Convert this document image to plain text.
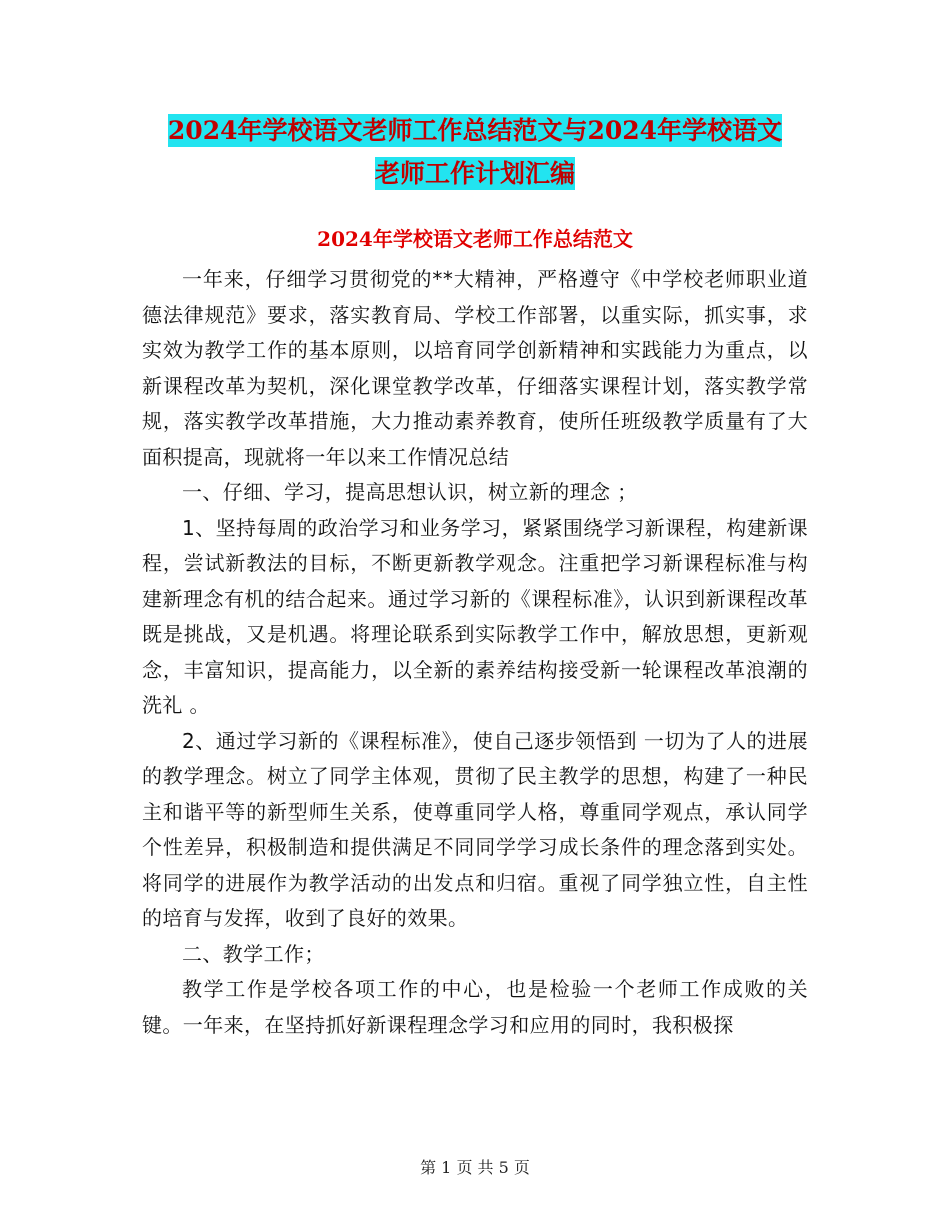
2024年学校语文老师工作总结范文与2024年学校语文
老师工作计划汇编
2024年学校语文老师工作总结范文

一年来，仔细学习贯彻党的**大精神，严格遵守《中学校老师职业道德法律规范》要求，落实教育局、学校工作部署，以重实际，抓实事，求实效为教学工作的基本原则，以培育同学创新精神和实践能力为重点，以新课程改革为契机，深化课堂教学改革，仔细落实课程计划，落实教学常规，落实教学改革措施，大力推动素养教育，使所任班级教学质量有了大面积提高，现就将一年以来工作情况总结

一、仔细、学习，提高思想认识，树立新的理念 ；

1、坚持每周的政治学习和业务学习，紧紧围绕学习新课程，构建新课程，尝试新教法的目标，不断更新教学观念。注重把学习新课程标准与构建新理念有机的结合起来。通过学习新的《课程标准》，认识到新课程改革既是挑战，又是机遇。将理论联系到实际教学工作中，解放思想，更新观念，丰富知识，提高能力，以全新的素养结构接受新一轮课程改革浪潮的 洗礼 。

2、通过学习新的《课程标准》，使自己逐步领悟到 一切为了人的进展 的教学理念。树立了同学主体观，贯彻了民主教学的思想，构建了一种民主和谐平等的新型师生关系，使尊重同学人格，尊重同学观点，承认同学个性差异，积极制造和提供满足不同同学学习成长条件的理念落到实处。将同学的进展作为教学活动的出发点和归宿。重视了同学独立性，自主性的培育与发挥，收到了良好的效果。

二、教学工作；

教学工作是学校各项工作的中心，也是检验一个老师工作成败的关键。一年来，在坚持抓好新课程理念学习和应用的同时，我积极探

第 1 页 共 5 页
